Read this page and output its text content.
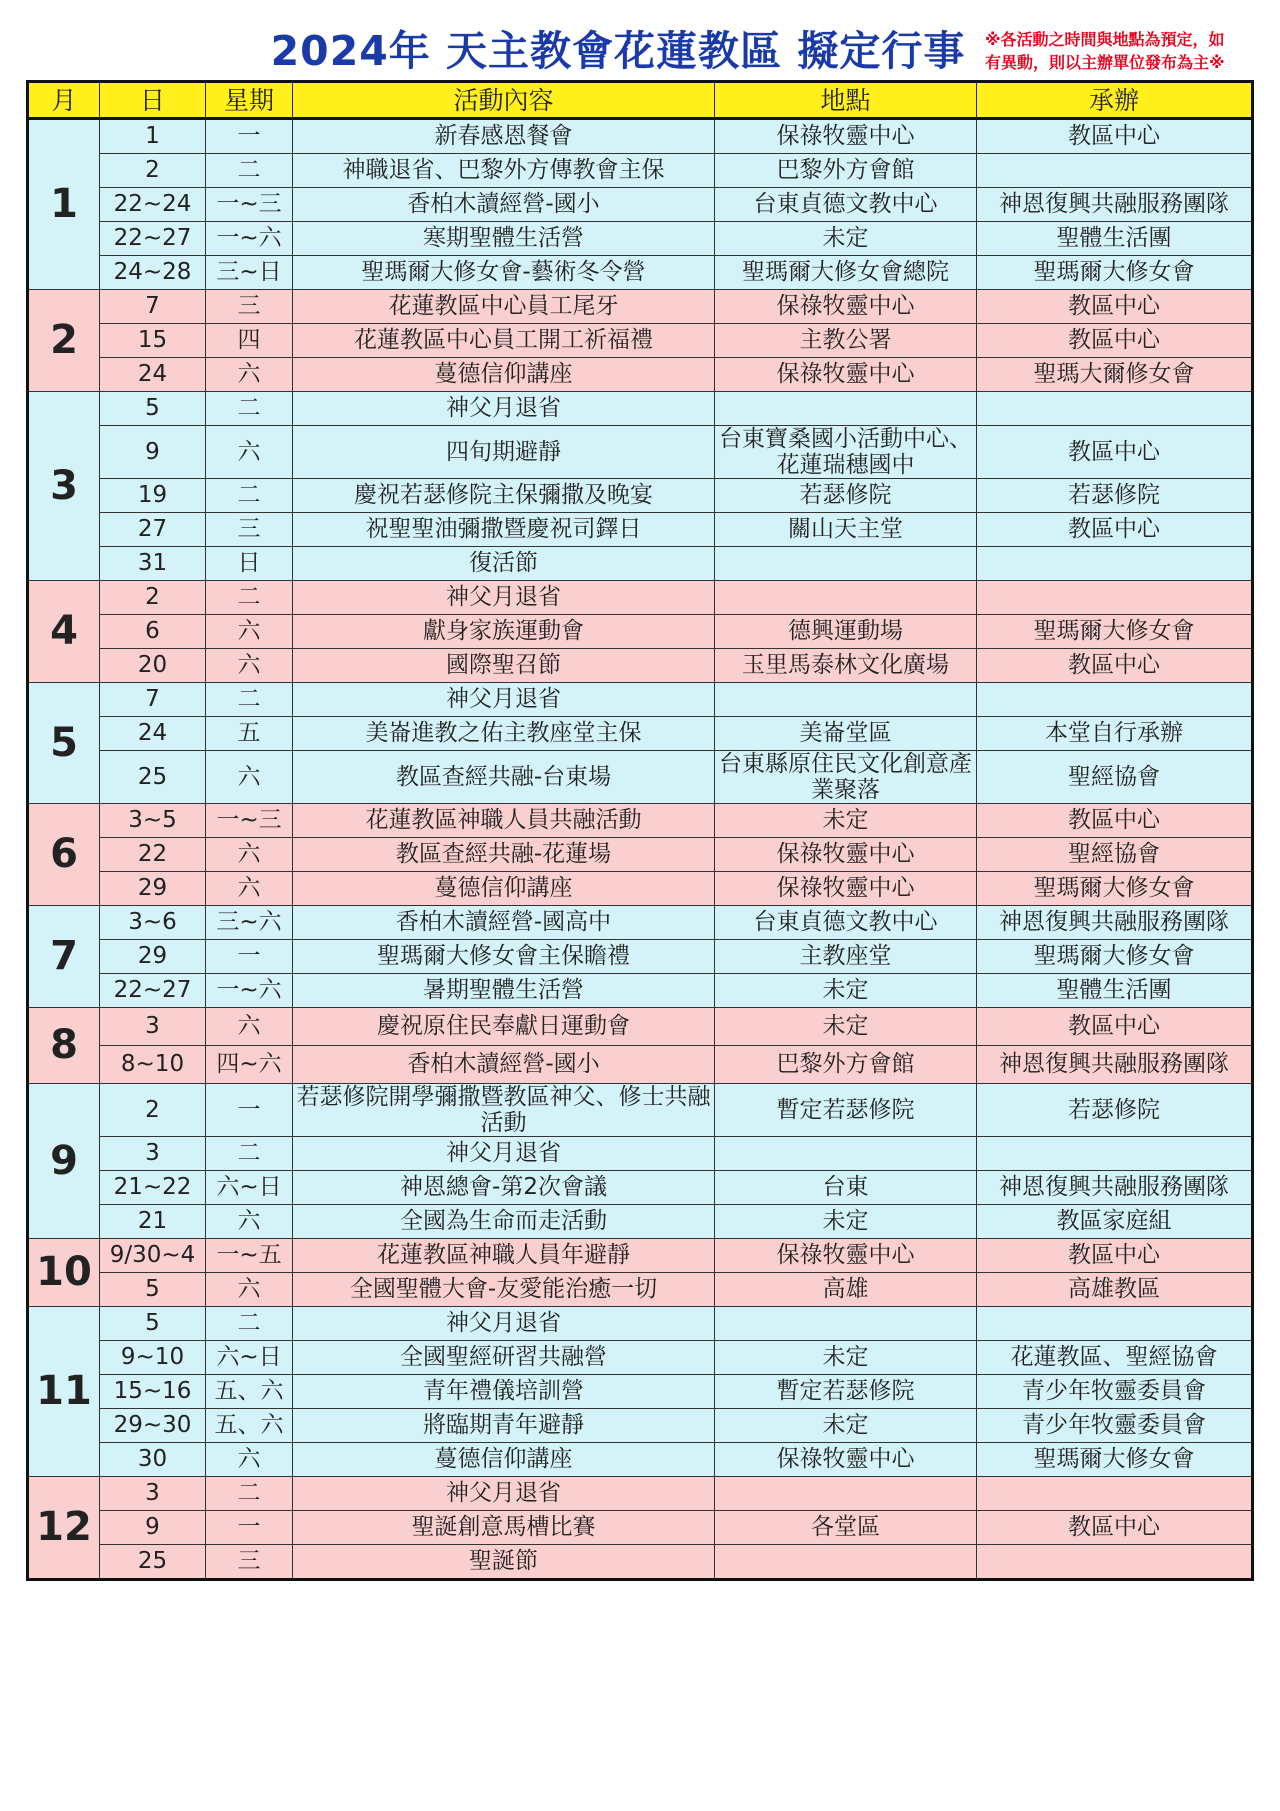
2024年 天主教會花蓮教區 擬定行事 ※各活動之時間與地點為預定，如
有異動，則以主辦單位發布為主※
月	日	星期	活動內容	地點	承辦
1	1	一	新春感恩餐會	保祿牧靈中心	教區中心
	2	二	神職退省、巴黎外方傳教會主保	巴黎外方會館	
	22~24	一~三	香柏木讀經營-國小	台東貞德文教中心	神恩復興共融服務團隊
	22~27	一~六	寒期聖體生活營	未定	聖體生活團
	24~28	三~日	聖瑪爾大修女會-藝術冬令營	聖瑪爾大修女會總院	聖瑪爾大修女會
2	7	三	花蓮教區中心員工尾牙	保祿牧靈中心	教區中心
	15	四	花蓮教區中心員工開工祈福禮	主教公署	教區中心
	24	六	蔓德信仰講座	保祿牧靈中心	聖瑪大爾修女會
3	5	二	神父月退省		
	9	六	四旬期避靜	台東寶桑國小活動中心、花蓮瑞穗國中	教區中心
	19	二	慶祝若瑟修院主保彌撒及晚宴	若瑟修院	若瑟修院
	27	三	祝聖聖油彌撒暨慶祝司鐸日	關山天主堂	教區中心
	31	日	復活節		
4	2	二	神父月退省		
	6	六	獻身家族運動會	德興運動場	聖瑪爾大修女會
	20	六	國際聖召節	玉里馬泰林文化廣場	教區中心
5	7	二	神父月退省		
	24	五	美崙進教之佑主教座堂主保	美崙堂區	本堂自行承辦
	25	六	教區查經共融-台東場	台東縣原住民文化創意產業聚落	聖經協會
6	3~5	一~三	花蓮教區神職人員共融活動	未定	教區中心
	22	六	教區查經共融-花蓮場	保祿牧靈中心	聖經協會
	29	六	蔓德信仰講座	保祿牧靈中心	聖瑪爾大修女會
7	3~6	三~六	香柏木讀經營-國高中	台東貞德文教中心	神恩復興共融服務團隊
	29	一	聖瑪爾大修女會主保瞻禮	主教座堂	聖瑪爾大修女會
	22~27	一~六	暑期聖體生活營	未定	聖體生活團
8	3	六	慶祝原住民奉獻日運動會	未定	教區中心
	8~10	四~六	香柏木讀經營-國小	巴黎外方會館	神恩復興共融服務團隊
9	2	一	若瑟修院開學彌撒暨教區神父、修士共融活動	暫定若瑟修院	若瑟修院
	3	二	神父月退省		
	21~22	六~日	神恩總會-第2次會議	台東	神恩復興共融服務團隊
	21	六	全國為生命而走活動	未定	教區家庭組
10	9/30~4	一~五	花蓮教區神職人員年避靜	保祿牧靈中心	教區中心
	5	六	全國聖體大會-友愛能治癒一切	高雄	高雄教區
11	5	二	神父月退省		
	9~10	六~日	全國聖經研習共融營	未定	花蓮教區、聖經協會
	15~16	五、六	青年禮儀培訓營	暫定若瑟修院	青少年牧靈委員會
	29~30	五、六	將臨期青年避靜	未定	青少年牧靈委員會
	30	六	蔓德信仰講座	保祿牧靈中心	聖瑪爾大修女會
12	3	二	神父月退省		
	9	一	聖誕創意馬槽比賽	各堂區	教區中心
	25	三	聖誕節		
